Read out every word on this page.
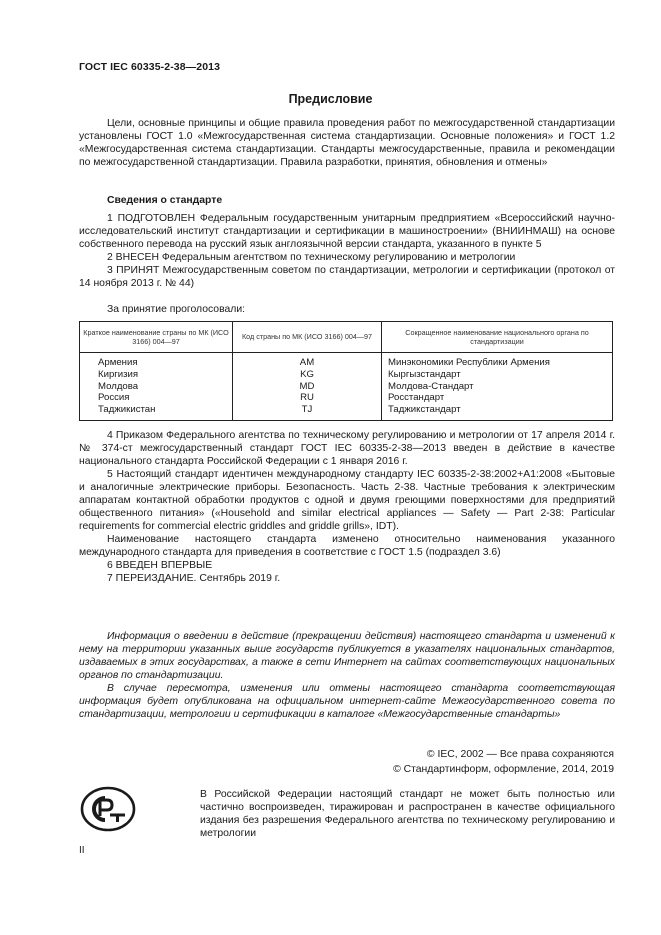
ГОСТ IEC 60335-2-38—2013
Предисловие

Цели, основные принципы и общие правила проведения работ по межгосударственной стандартизации установлены ГОСТ 1.0 «Межгосударственная система стандартизации. Основные положения» и ГОСТ 1.2 «Межгосударственная система стандартизации. Стандарты межгосударственные, правила и рекомендации по межгосударственной стандартизации. Правила разработки, принятия, обновления и отмены»

Сведения о стандарте

1 ПОДГОТОВЛЕН Федеральным государственным унитарным предприятием «Всероссийский научно-исследовательский институт стандартизации и сертификации в машиностроении» (ВНИИНМАШ) на основе собственного перевода на русский язык англоязычной версии стандарта, указанного в пункте 5

2 ВНЕСЕН Федеральным агентством по техническому регулированию и метрологии

3 ПРИНЯТ Межгосударственным советом по стандартизации, метрологии и сертификации (протокол от 14 ноября 2013 г. № 44)

За принятие проголосовали:

Краткое наименование страны по МК (ИСО 3166) 004—97	Код страны по МК (ИСО 3166) 004—97	Сокращенное наименование национального органа по стандартизации
Армения	AM	Минэкономики Республики Армения
Киргизия	KG	Кыргызстандарт
Молдова	MD	Молдова-Стандарт
Россия	RU	Росстандарт
Таджикистан	TJ	Таджикстандарт

4 Приказом Федерального агентства по техническому регулированию и метрологии от 17 апреля 2014 г. № 374-ст межгосударственный стандарт ГОСТ IEC 60335-2-38—2013 введен в действие в качестве национального стандарта Российской Федерации с 1 января 2016 г.

5 Настоящий стандарт идентичен международному стандарту IEC 60335-2-38:2002+A1:2008 «Бытовые и аналогичные электрические приборы. Безопасность. Часть 2-38. Частные требования к электрическим аппаратам контактной обработки продуктов с одной и двумя греющими поверхностями для предприятий общественного питания» («Household and similar electrical appliances — Safety — Part 2-38: Particular requirements for commercial electric griddles and griddle grills», IDT).

Наименование настоящего стандарта изменено относительно наименования указанного международного стандарта для приведения в соответствие с ГОСТ 1.5 (подраздел 3.6)

6 ВВЕДЕН ВПЕРВЫЕ

7 ПЕРЕИЗДАНИЕ. Сентябрь 2019 г.

Информация о введении в действие (прекращении действия) настоящего стандарта и изменений к нему на территории указанных выше государств публикуется в указателях национальных стандартов, издаваемых в этих государствах, а также в сети Интернет на сайтах соответствующих национальных органов по стандартизации.

В случае пересмотра, изменения или отмены настоящего стандарта соответствующая информация будет опубликована на официальном интернет-сайте Межгосударственного совета по стандартизации, метрологии и сертификации в каталоге «Межгосударственные стандарты»

© IEC, 2002 — Все права сохраняются
© Стандартинформ, оформление, 2014, 2019
В Российской Федерации настоящий стандарт не может быть полностью или частично воспроизведен, тиражирован и распространен в качестве официального издания без разрешения Федерального агентства по техническому регулированию и метрологии
II
